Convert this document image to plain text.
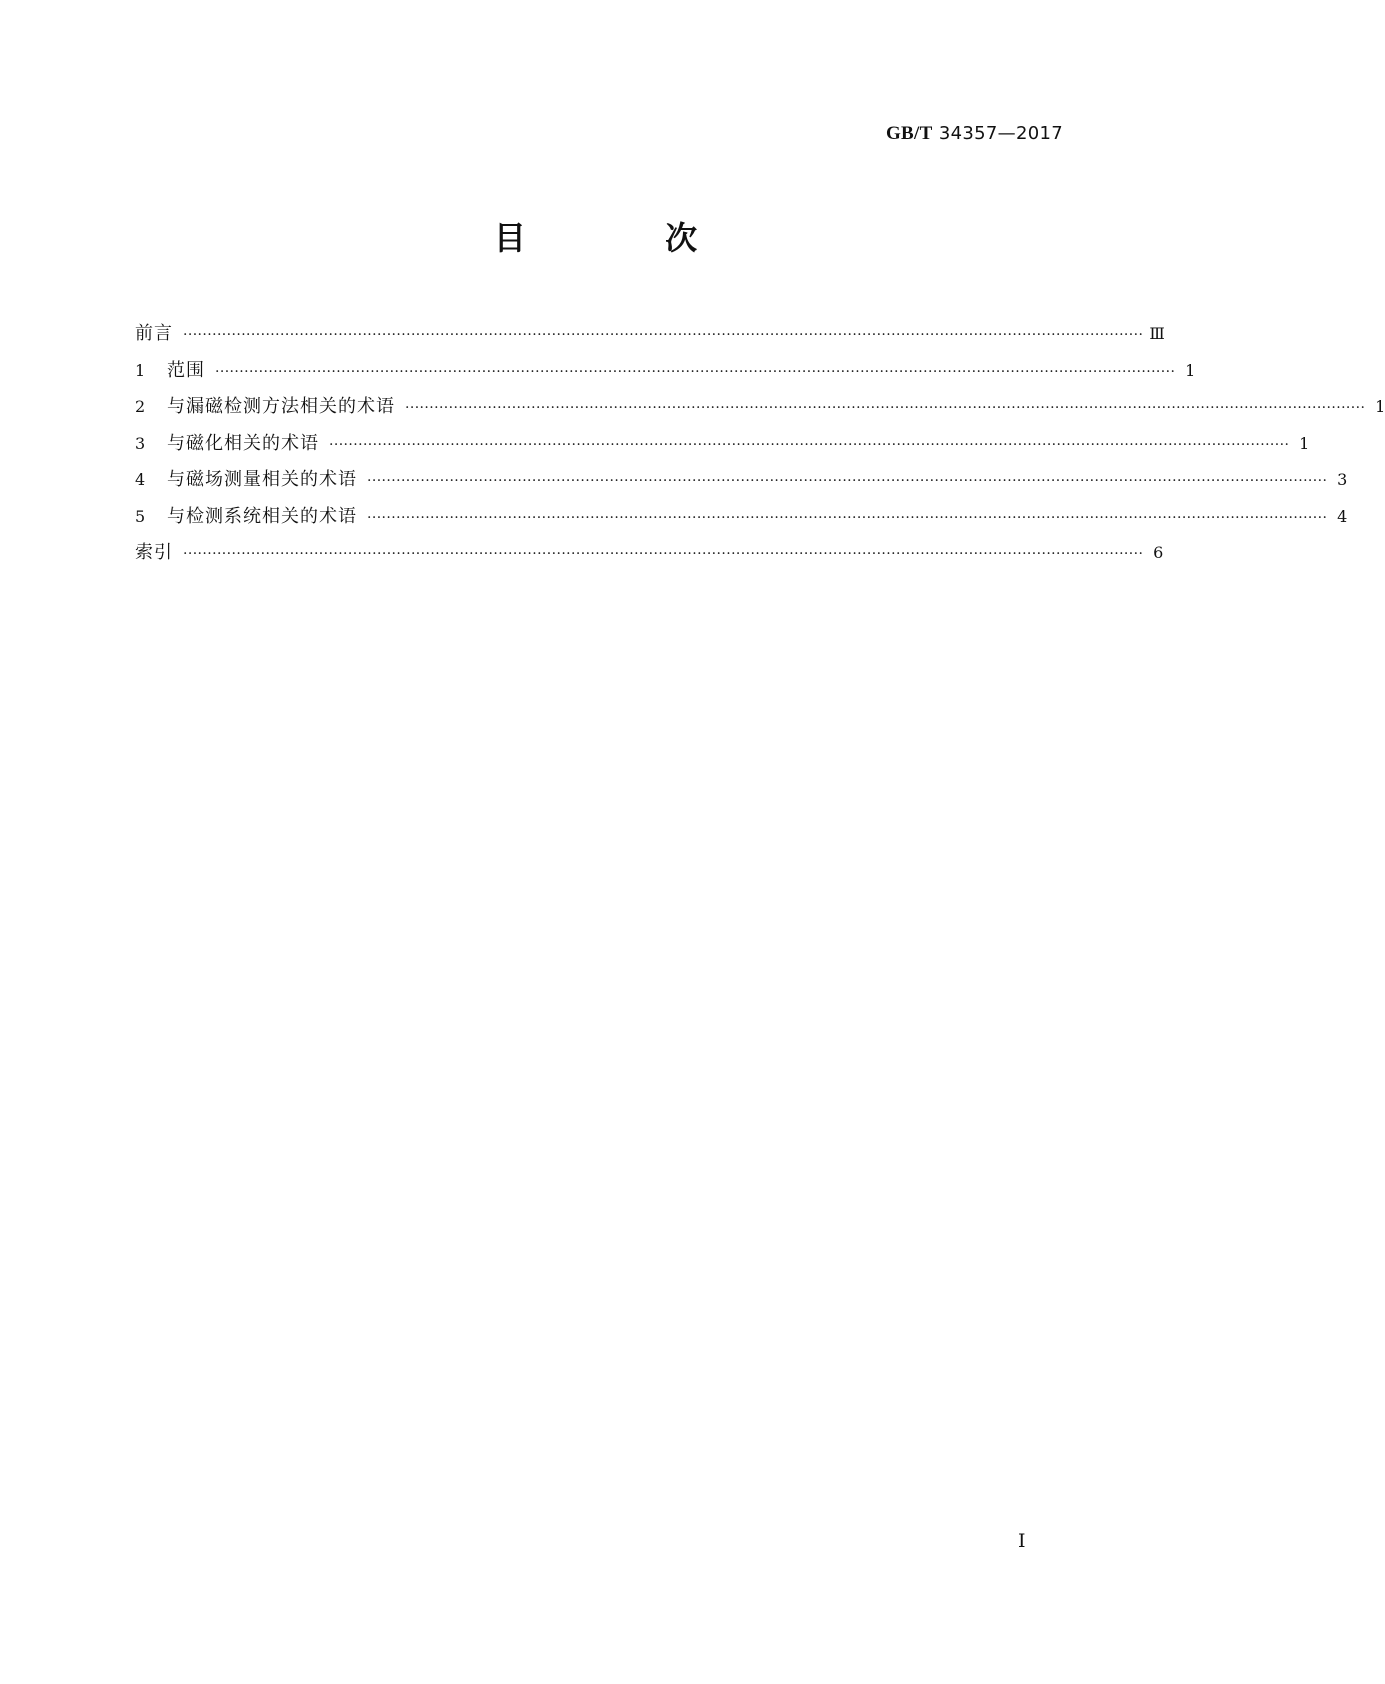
GB/T 34357—2017
目 次
前言 ······································································································································································································ Ⅲ
1	范围 ······································································································································································································ 1
2	与漏磁检测方法相关的术语 ······································································································································································································ 1
3	与磁化相关的术语 ······································································································································································································ 1
4	与磁场测量相关的术语 ······································································································································································································ 3
5	与检测系统相关的术语 ······································································································································································································ 4
索引 ······································································································································································································ 6
Ⅰ
